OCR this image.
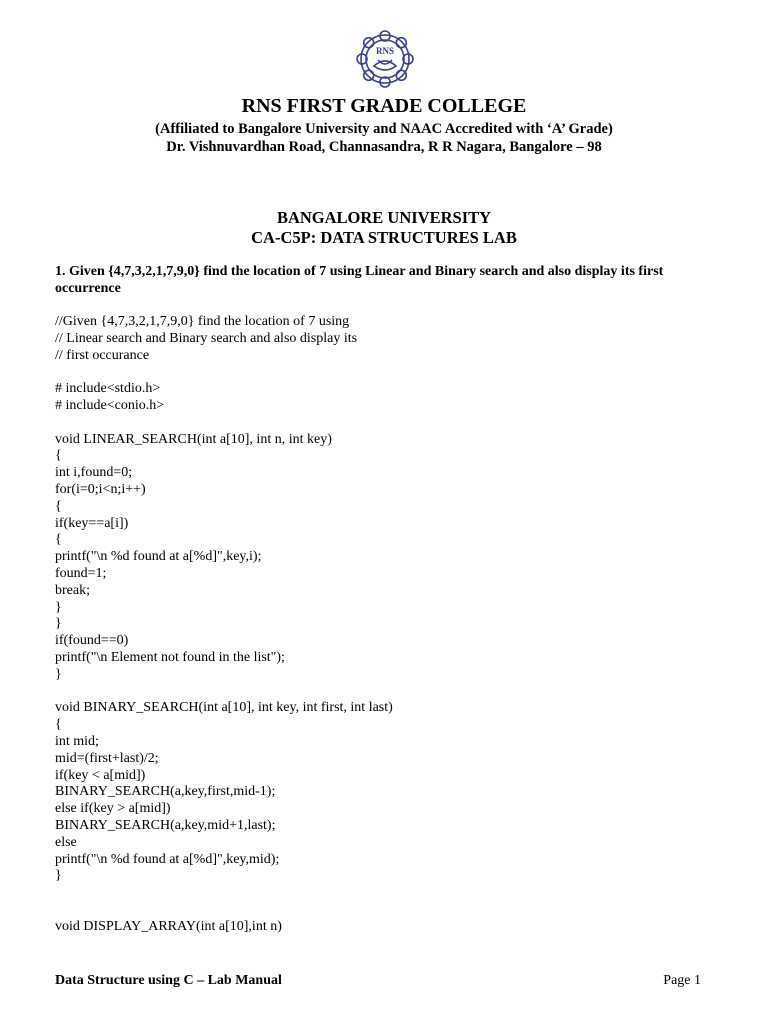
RNS
RNS FIRST GRADE COLLEGE
(Affiliated to Bangalore University and NAAC Accredited with ‘A’ Grade)
Dr. Vishnuvardhan Road, Channasandra, R R Nagara, Bangalore – 98
BANGALORE UNIVERSITY
CA-C5P: DATA STRUCTURES LAB
1. Given {4,7,3,2,1,7,9,0} find the location of 7 using Linear and Binary search and also display its first occurrence
//Given {4,7,3,2,1,7,9,0} find the location of 7 using
// Linear search and Binary search and also display its
// first occurance
# include<stdio.h>
# include<conio.h>
void LINEAR_SEARCH(int a[10], int n, int key)
{
int i,found=0;
for(i=0;i<n;i++)
{
if(key==a[i])
{
printf("\n %d found at a[%d]",key,i);
found=1;
break;
}
}
if(found==0)
printf("\n Element not found in the list");
}
void BINARY_SEARCH(int a[10], int key, int first, int last)
{
int mid;
mid=(first+last)/2;
if(key < a[mid])
BINARY_SEARCH(a,key,first,mid-1);
else if(key > a[mid])
BINARY_SEARCH(a,key,mid+1,last);
else
printf("\n %d found at a[%d]",key,mid);
}
void DISPLAY_ARRAY(int a[10],int n)
Data Structure using C – Lab Manual	Page 1
